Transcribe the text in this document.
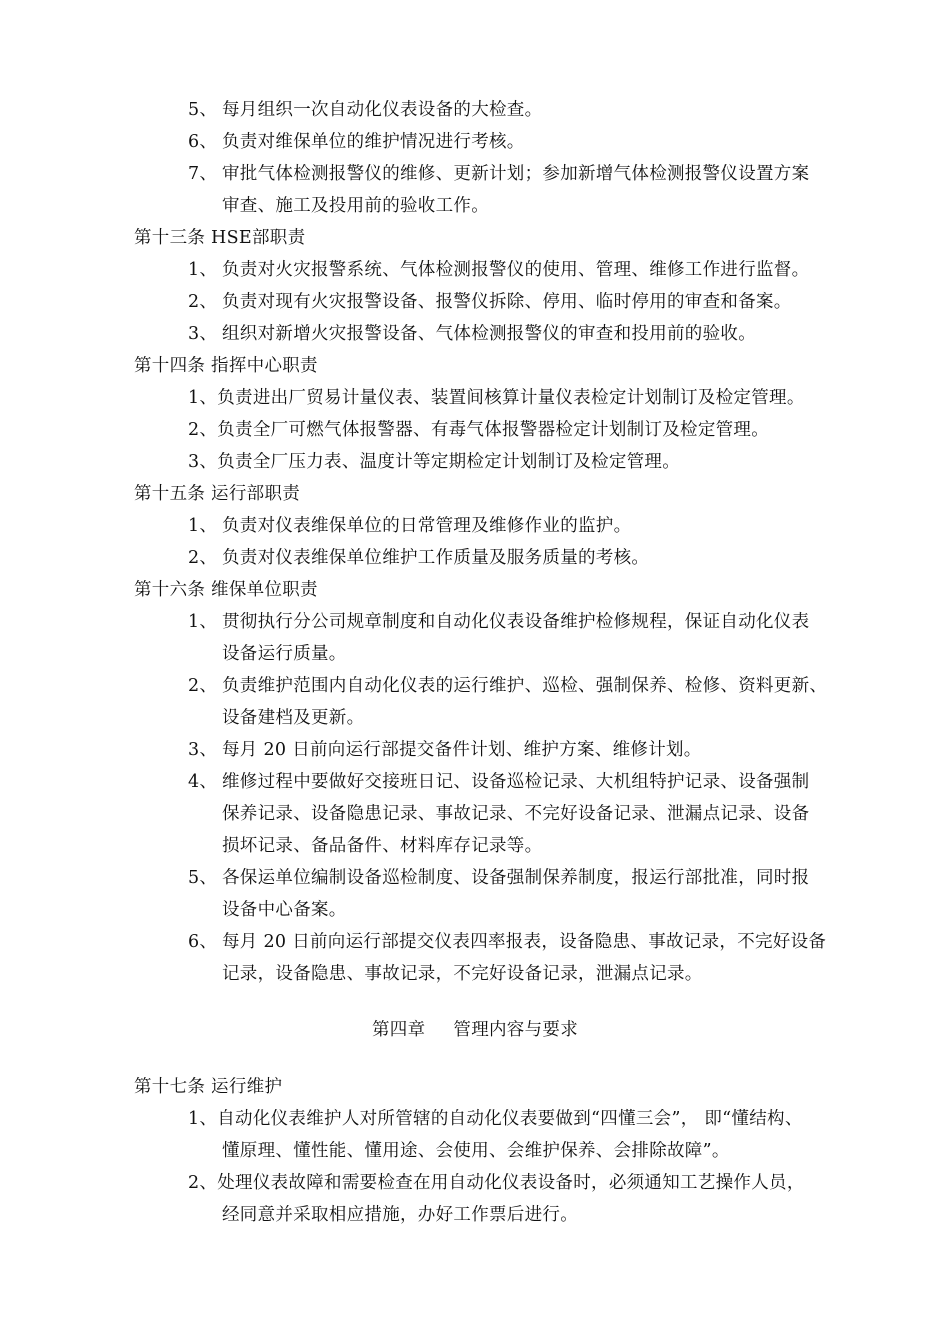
5、 每月组织一次自动化仪表设备的大检查。
6、 负责对维保单位的维护情况进行考核。
7、 审批气体检测报警仪的维修、更新计划；参加新增气体检测报警仪设置方案
审查、施工及投用前的验收工作。
第十三条 HSE部职责
1、 负责对火灾报警系统、气体检测报警仪的使用、管理、维修工作进行监督。
2、 负责对现有火灾报警设备、报警仪拆除、停用、临时停用的审查和备案。
3、 组织对新增火灾报警设备、气体检测报警仪的审查和投用前的验收。
第十四条 指挥中心职责
1、负责进出厂贸易计量仪表、装置间核算计量仪表检定计划制订及检定管理。
2、负责全厂可燃气体报警器、有毒气体报警器检定计划制订及检定管理。
3、负责全厂压力表、温度计等定期检定计划制订及检定管理。
第十五条 运行部职责
1、 负责对仪表维保单位的日常管理及维修作业的监护。
2、 负责对仪表维保单位维护工作质量及服务质量的考核。
第十六条 维保单位职责
1、 贯彻执行分公司规章制度和自动化仪表设备维护检修规程，保证自动化仪表
设备运行质量。
2、 负责维护范围内自动化仪表的运行维护、巡检、强制保养、检修、资料更新、
设备建档及更新。
3、 每月 20 日前向运行部提交备件计划、维护方案、维修计划。
4、 维修过程中要做好交接班日记、设备巡检记录、大机组特护记录、设备强制
保养记录、设备隐患记录、事故记录、不完好设备记录、泄漏点记录、设备
损坏记录、备品备件、材料库存记录等。
5、 各保运单位编制设备巡检制度、设备强制保养制度，报运行部批准，同时报
设备中心备案。
6、 每月 20 日前向运行部提交仪表四率报表，设备隐患、事故记录，不完好设备
记录，设备隐患、事故记录，不完好设备记录，泄漏点记录。
第四章 管理内容与要求
第十七条 运行维护
1、自动化仪表维护人对所管辖的自动化仪表要做到“四懂三会”， 即“懂结构、
懂原理、懂性能、懂用途、会使用、会维护保养、会排除故障”。
2、处理仪表故障和需要检查在用自动化仪表设备时，必须通知工艺操作人员，
经同意并采取相应措施，办好工作票后进行。
